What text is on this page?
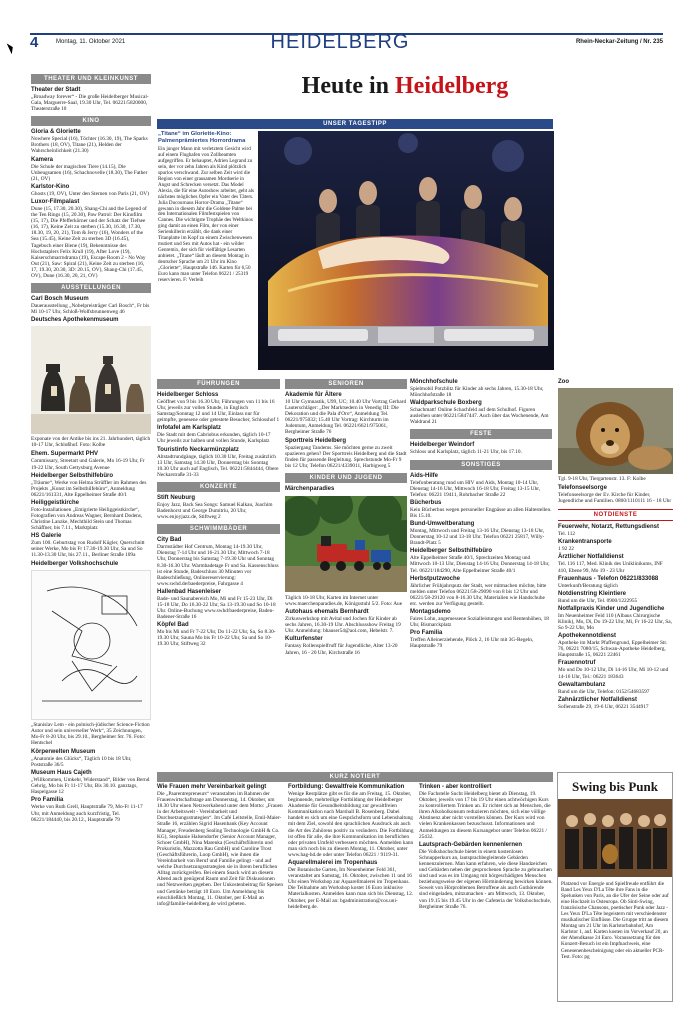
4	Montag, 11. Oktober 2021	HEIDELBERG	Rhein-Neckar-Zeitung / Nr. 235
THEATER UND KLEINKUNST
Theater der Stadt
„Broadway forever“ - Die große Heidelberger Musical-Gala, Marguerre-Saal, 19.30 Uhr, Tel. 06221/5820000, Theaterstraße 10
KINO
Gloria & Gloriette
Nowhere Special (16), Töchter (16.30, 19), The Sparks Brothers (18, OV), Titane (21), Helden der Wahrscheinlichkeit (21.30)
Kamera
Die Schule der magischen Tiere (14.15), Die Unbeugsamen (16), Schachnovelle (18.30), The Father (21, OV)
Karlstor-Kino
Ghosts (19, OV), Unter den Sternen von Paris (21, OV)
Luxor-Filmpalast
Dune (15, 17.30, 20.30), Shang-Chi and the Legend of the Ten Rings (15, 20.30), Paw Patrol: Der Kinofilm (15, 17), Die Pfefferkörner und der Schatz der Tiefsee (16, 17), Keine Zeit zu sterben (15.30, 16.30, 17.30, 18.30, 19, 20, 21), Tom & Jerry (16), Wonders of the Sea (15.45), Keine Zeit zu sterben 3D (16.45), Tagebuch einer Biene (19), Bekenntnisse des Hochstaplers Felix Krull (19), After Love (19), Kaiserschmarrndrama (19), Escape Room 2 - No Way Out (21), Saw: Spiral (21), Keine Zeit zu sterben (16, 17, 19.30, 20.30, 3D: 20.15, OV), Shang-Chi (17.45, OV), Dune (16.30, 20, 21, OV)
AUSSTELLUNGEN
Carl Bosch Museum
Dauerausstellung „Nobelpreisträger Carl Bosch“, Fr bis Mi 10-17 Uhr, Schloß-Wolfsbrunnenweg 46
Deutsches Apothekenmuseum
Exponate von der Antike bis ins 21. Jahrhundert, täglich 10-17 Uhr, Schloßhof. Foto: Kolbe
Ehem. Supermarkt PHV
Commissary, Streetart und Galerie, Mo 16-19 Uhr, Fr 19-22 Uhr, South Gettysburg Avenue
Heidelberger Selbsthilfebüro
„Träume“, Werke von Helma Strüffler im Rahmen des Projekts „Kunst im Selbsthilfebüro“, Anmeldung 06221/161331, Alte Eppelheimer Straße 40/1
Heiliggeistkirche
Foto-Installationen „Emigrierte Heiliggeistkirche“, Fotografien von Andreas Wagner, Bernhard Dodens, Christine Lanzke, Mechthild Stein und Thomas Schäffner, bis 7.11., Marktplatz
HS Galerie
Zum 100. Geburtstag von Rudolf Kügler, Querschnitt seiner Werke, Mo bis Fr 17.30-19.30 Uhr, Sa und So 11.30-13.30 Uhr, bis 27.11., Berliner Straße 109a
Heidelberger Volkshochschule
„Stanislav Lem - ein polnisch-jüdischer Science-Fiction Autor und sein universeller Werk“, 35 Zeichnungen, Mo-Fr 8-20 Uhr, bis 29.10., Bergheimer Str. 76. Foto: Hentschel
Körperwelten Museum
„Anatomie des Glücks“, Täglich 10 bis 18 Uhr, Poststraße 36/5
Museum Haus Cajeth
„Willkommen, Umkehr, Widerstand“, Bilder von Bernd Gehrig, Mo bis Fr 11-17 Uhr, Bis 30.10. ganztags, Haspelgasse 12
Pro Familia
Werke von Ruth Grell, Hauptstraße 79, Mo-Fr 11-17 Uhr, mit Anmeldung auch kurzfristig, Tel. 06221/184440, bis 20.12., Hauptstraße 79
Heute in Heidelberg
UNSER TAGESTIPP
„Titane“ im Gloriette-Kino: Palmenprämiertes Horrordrama
Ein junger Mann mit verletztem Gesicht wird auf einem Flughafen von Zollbeamten aufgegriffen. Er behauptet, Adrien Legrand zu sein, der vor zehn Jahren als Kind plötzlich spurlos verschwand. Zur selben Zeit wird die Region von einer grausamen Mordserie in Angst und Schrecken versetzt. Das Model Alexia, die für eine Autoshow arbeitet, geht als nächstes mögliches Opfer ein Vater des Täters. Julia Ducournaus Horror-Drama „Titane“ gewann in diesem Jahr die Goldene Palme bei den Internationalen Filmfestspielen von Cannes. Die wichtigste Trophäe des Weltkinos ging damit an einen Film, der von einer Serienkillerin erzählt, die dank einer Titanplatte im Kopf zu einem Zwischenwesen mutiert und Sex mit Autos hat - ein wilder Genremix, der sich für vielfältige Lesarten anbietet. „Titane“ läuft an diesem Montag in deutscher Sprache um 21 Uhr im Kino „Gloriette“, Hauptstraße 146. Karten für 6,50 Euro kann man unter Telefon 06221 / 25319 reservieren. F: Verleih
FÜHRUNGEN
Heidelberger Schloss
Geöffnet von 9 bis 16.30 Uhr, Führungen von 11 bis 16 Uhr, jeweils zur vollen Stunde, in Englisch Samstag/Sonntag 12 und 14 Uhr, Einlass nur für geimpfte, genesene oder getestete Besucher, Schlosshof 1
Infotafel am Karlsplatz
Die Stadt mit dem Cabriobus erkunden, täglich 10-17 Uhr jeweils zur halben und vollen Stunde, Karlsplatz
Touristinfo Neckarmünzplatz
Altstadtrundgänge, täglich 10.30 Uhr, Freitag zusätzlich 13 Uhr, Samstag 14.30 Uhr, Donnerstag bis Sonntag 10.30 Uhr auch auf Englisch, Tel. 06221/5844444, Obere Neckarstraße 31-33
KONZERTE
Stift Neuburg
Enjoy Jazz, Back Sea Songs: Samuel Kalkau, Joachim Badenhorst und George Dumitriu, 20 Uhr, www.enjoyjazz.de, Stiftweg 2
SCHWIMMBÄDER
City Bad
Darmstädter Hof Centrum, Montag 14-19.30 Uhr, Dienstag 7-14 Uhr und 16-21.30 Uhr, Mittwoch 7-18 Uhr, Donnerstag bis Samstag 7-19.30 Uhr und Sonntag 8.30-16.30 Uhr. Warmbadetage Fr und Sa. Kassenschluss ist eine Stunde, Badeschluss 30 Minuten vor Badeschließung, Onlinereservierung: www.swhd.de/baederpreise, Fahrgasse 4
Hallenbad Hasenleiser
Bade- und Saunabereich Mo, Mi und Fr 15-23 Uhr, Di 15-18 Uhr, Do 16.30-22 Uhr, Sa 13-19.30 und So 10-18 Uhr. Online-Buchung www.swhd/baederpreise, Baden-Badener-Straße 16
Köpfel Bad
Mo bis Mi und Fr 7-22 Uhr, Do 11-22 Uhr, Sa, So 8.30-19.30 Uhr, Sauna Mo bis Fr 10-22 Uhr, Sa und So 10-19.30 Uhr, Stiftweg 32
SENIOREN
Akademie für Ältere
10 Uhr Gymnastik, U99, UC; 10.40 Uhr Vortrag Gerhard Lauterschläger: „Der Marktsedern in Venedig III: Die Dekoration und die Pala d'Oro“, Anmeldung Tel. 06221/975032; 15.40 Uhr Vortrag: Kirchturm im Judentum, Anmeldung Tel. 06221/6621/975061, Bergheimer Straße 76
Sporttreis Heidelberg
Spaziergang Tandems. Sie möchten gerne zu zweit spazieren gehen? Der Sporttreis Heidelberg und die Stadt finden für passende Begleitung. Sprechstunde Mo-Fr 9 bis 12 Uhr, Telefon 06221/4339011, Harbigweg 5
KINDER UND JUGEND
Märchenparadies
Täglich 10-18 Uhr, Karten im Internet unter www.maerchenparadies.de, Königsstuhl 5/2. Foto: Aue
Autohaus ehemals Bernhardt
Zirkuswerkshop mit Avital und Jochen für Kinder ab sechs Jahren, 16.30-19 Uhr. Abschlussshow Freitag 19 Uhr. Anmeldung: bhauser54@aol.com, Hebelstr. 7.
Kulturfenster
Fantasy Rollenspielfruff für Jugendliche, Alter 13-20 Jahren, 16 - 20 Uhr, Kirchstraße 16
Mönchhofschule
Spielmobil Potzblitz für Kinder ab sechs Jahren, 15.30-18 Uhr, Mönchhofstraße 18
Waldparkschule Boxberg
Schachmatt! Online Schachfeld auf dem Schulhof. Figuren ausleihen unter 06221/5847447. Auch über das Wochenende, Am Waldrand 21
FESTE
Heidelberger Weindorf
Schloss und Karlsplatz, täglich 11-21 Uhr, bis 17.10.
SONSTIGES
Aids-Hilfe
Telefonberatung rund um HIV und Aids, Montag 10-14 Uhr, Dienstag 14-16 Uhr, Mittwoch 16-18 Uhr, Freitag 13-15 Uhr, Telefon: 06221 19411, Rohrbacher Straße 22
Bücherbus
Kein Bücherbus wegen personeller Engpässe an allen Haltestellen. Bis 15.10.
Bund-Umweltberatung
Montag, Mittwoch und Freitag 13-16 Uhr, Dienstag 13-18 Uhr, Donnerstag 10-12 und 13-18 Uhr. Telefon 06221 25817, Willy-Brandt-Platz 5
Heidelberger Selbsthilfebüro
Alte Eppelheimer Straße 40/1, Sprechzeiten Montag und Mittwoch 10-13 Uhr, Dienstag 14-16 Uhr, Donnerstag 14-18 Uhr, Tel. 06221/184290, Alte Eppelheimer Straße 40/1
Herbstputzwoche
Jährlicher Frühjahrsputz der Stadt, wer mitmachen möchte, bitte melden unter Telefon 06221/58-29090 von 8 bis 12 Uhr und 06221/58-29120 von 8-16.30 Uhr, Materialien wie Handschuhe etc. werden zur Verfügung gestellt.
Montagsdemo
Faires Lohn, angemessene Sozialleistungen und Rentenhöhen, 18 Uhr, Bismarckplatz
Pro Familia
Treffen Alleinerziehende, Plöck 2, 16 Uhr mit 3G-Regeln, Hauptstraße 79
Zoo
Tgl. 9-18 Uhr, Tiergartenstr. 13. F: Kolbe
Telefonseelsorge
Telefonseelsorge der Ev. Kirche für Kinder, Jugendliche und Familien. 0800/1110111 16 - 18 Uhr
NOTDIENSTE
Feuerwehr, Notarzt, Rettungsdienst
Tel. 112
Krankentransporte
1 92 22
Ärztlicher Notfalldienst
Tel. 116 117, Med. Klinik des Uniklinikums, INF 410, Ebene 99, Mo 19 - 23 Uhr
Frauenhaus - Telefon 06221/833088
Unterkunft/Beratung täglich
Notdienstring Kleintiere
Rund um die Uhr, Tel. 0900/1222955
Notfallpraxis Kinder und Jugendliche
Im Neuenheimer Feld 110 (Albaus Chirurgische Klinik), Mo, Di, Do 19-22 Uhr, Mi, Fr 16-22 Uhr, Sa, So 9-22 Uhr, Mo
Apothekennotdienst
Apotheke im Markt Pfaffengrund, Eppelheimer Str. 76, 06221 7080/15, Schwan-Apotheke Heidelberg, Hauptstraße 15, 06221 22461
Frauennotruf
Mo und Do 10-12 Uhr, Di 14-16 Uhr, Mi 10-12 und 14-16 Uhr, Tel.: 06221 183643
Gewaltambulanz
Rund um die Uhr, Telefon: 0152/54683597
Zahnärztlicher Notfalldienst
Sofienstraße 29, 19-6 Uhr, 06221 3544917
KURZ NOTIERT
Wie Frauen mehr Vereinbarkeit gelingt
Die „Paarentrepreneurs“ veranstalten im Rahmen der Frauenwirtschaftstage am Donnerstag, 14. Oktober, um 18.30 Uhr einen Netzwerkabend unter dem Motto: „Frauen in der Arbeitswelt - Vereinbarkeit und Durchsetzungsstrategien“. Im Café Leitstelle, Emil-Maier-Straße 16, erzählen Sigrid Hasenbank (Key Account Manager, Freudenberg Sealing Technologie GmbH & Co. KG), Stephanie Halsendorfer (Senior Account Manager, Schoer GmbH), Nina Marenka (Geschäftsführerin und Prokuristin, Mazzotta Rau GmbH) und Caroline Trost (Geschäftsführerin, Loop GmbH), wie ihnen die Vereinbarkeit von Beruf und Familie gelingt - und auf welche Durchsetzungsstrategien sie in ihrem beruflichen Alltag zurückgreifen. Bei einem Snack wird an diesem Abend auch genügend Raum und Zeit für Diskussionen und Netzwerken gegeben. Der Unkostenbeitrag für Speisen und Getränke beträgt 10 Euro. Um Anmeldung bis einschließlich Montag, 11. Oktober, per E-Mail an info@familie-heidelberg.de wird gebeten.
Fortbildung: Gewaltfreie Kommunikation
Wenige Restplätze gibt es für die am Freitag, 15. Oktober, beginnende, mehrteilige Fortbildung der Heidelberger Akademie für Gesundheitsbildung zur gewaltfreien Kommunikation nach Marshall B. Rosenberg. Dabei handelt es sich um eine Gesprächsform und Lebenshaltung mit dem Ziel, sowohl den sprachlichen Ausdruck als auch die Art des Zuhörens positiv zu verändern. Die Fortbildung ist offen für alle, die ihre Kommunikation im beruflichen oder privaten Umfeld verbessern möchten. Anmelden kann man sich noch bis zu diesem Montag, 11. Oktober, unter www.hag-hd.de oder unter Telefon 06221 / 9119-31.
Aquarellmalerei im Tropenhaus
Der Botanische Garten, Im Neuenheimer Feld 361, veranstaltet am Samstag, 16. Oktober, zwischen 11 und 16 Uhr einen Workshop zur Aquarellmalerei im Tropenhaus. Die Teilnahme am Workshop kostet 16 Euro inklusive Materialkosten. Anmelden kann man sich bis Dienstag, 12. Oktober, per E-Mail an: bgadministration@cos.uni-heidelberg.de.
Trinken - aber kontrolliert
Die Fachstelle Sucht Heidelberg bietet ab Dienstag, 19. Oktober, jeweils von 17 bis 19 Uhr einen achtwöchigen Kurs zu kontrolliertem Trinken an. Er richtet sich an Menschen, die ihren Alkoholkonsum reduzieren möchten, sich eine völlige Abstinenz aber nicht vorstellen können. Der Kurs wird von vielen Krankenkassen bezuschusst. Informationen und Anmeldungen zu diesem Kursangebot unter Telefon 06221 / 25432.
Lautsprach-Gebärden kennenlernen
Die Volkshochschule bietet in einem kostenlosen Schnupperkurs an, lautsprachbegleitende Gebärden kennenzulernen. Man kann erfahren, wie diese Handzeichen und Gebärden neben der gesprochenen Sprache zu gebrauchen sind und was es im Umgang mit hörgeschädigten Menschen beziehungsweise der eigenen Hörminderung bewirken können. Soweit von Hörproblemen Betroffene als auch Guthörende sind eingeladen, mitzumachen - am Mittwoch, 13. Oktober, von 19.15 bis 19.45 Uhr in der Cafeteria der Volkshochschule, Bergheimer Straße 76.
Swing bis Punk
Platzend vor Energie und Spielfreude entführt die Band Les Yeux D'La Tête ihre Fans in die Spelunken von Paris, an die Ufer der Seine oder auf eine Hochzeit in Osteuropa. Ob Sinti-Swing, französische Chansons, poetischer Punk oder Jazz - Les Yeux D'La Tête begeistern mit verschiedenster musikalischer Einflüsse. Die Gruppe tritt an diesem Montag um 21 Uhr im Karlstorbahnhof, Am Karlstor 1, auf. Karten kosten im Vorverkauf 20, an der Abendkasse 24 Euro. Voraussetzung für den Konzert-Besuch ist ein Impfnachweis, eine Genesenenbescheinigung oder ein aktueller PCR-Test. Foto: pg
